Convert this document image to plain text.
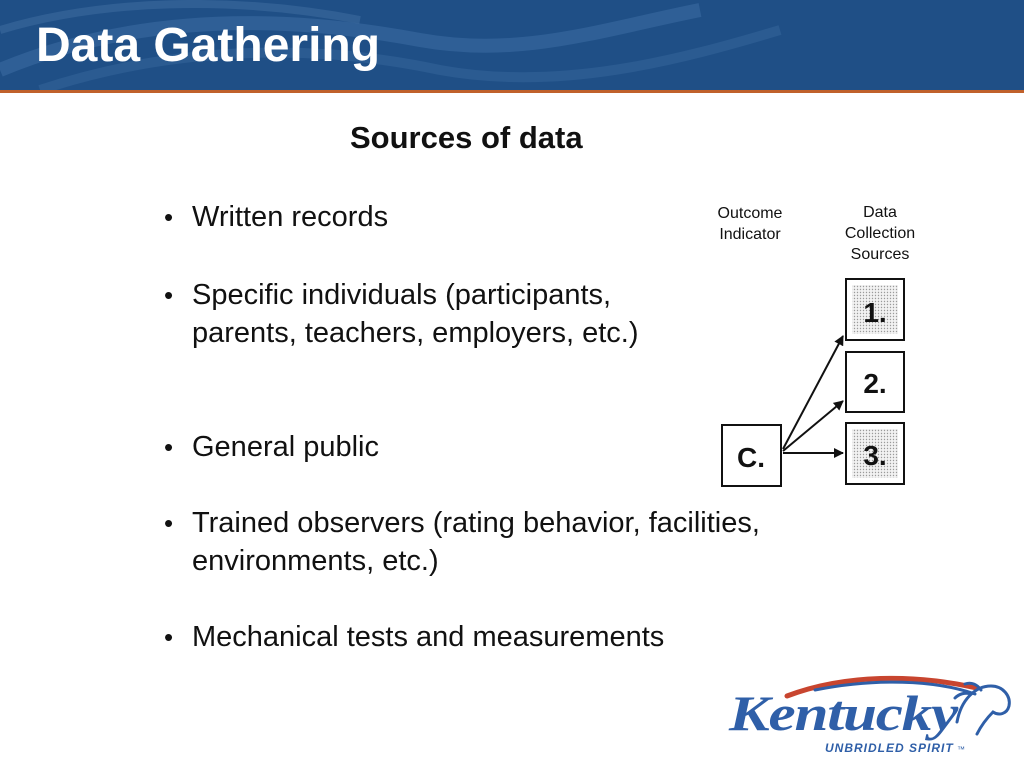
Data Gathering
Sources of data
• Written records
• Specific individuals (participants, parents, teachers, employers, etc.)
• General public
• Trained observers (rating behavior, facilities, environments, etc.)
• Mechanical tests and measurements
Outcome
Indicator
Data
Collection
Sources
1.
2.
3.
C.
Kentucky
UNBRIDLED SPIRIT ™
